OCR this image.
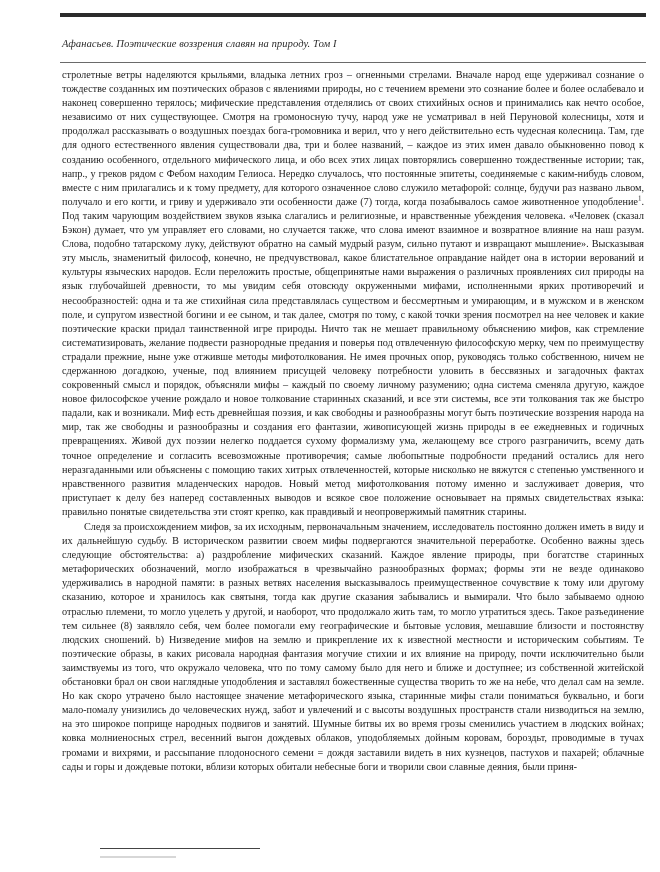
Афанасьев. Поэтические воззрения славян на природу. Том I

стролетные ветры наделяются крыльями, владыка летних гроз – огненными стрелами. Вначале народ еще удерживал сознание о тождестве созданных им поэтических образов с явлениями природы, но с течением времени это сознание более и более ослабевало и наконец совершенно терялось; мифические представления отделялись от своих стихийных основ и принимались как нечто особое, независимо от них существующее. Смотря на громоносную тучу, народ уже не усматривал в ней Перуновой колесницы, хотя и продолжал рассказывать о воздушных поездах бога-громовника и верил, что у него действительно есть чудесная колесница. Там, где для одного естественного явления существовали два, три и более названий, – каждое из этих имен давало обыкновенно повод к созданию особенного, отдельного мифического лица, и обо всех этих лицах повторялись совершенно тождественные истории; так, напр., у греков рядом с Фебом находим Гелиоса. Нередко случалось, что постоянные эпитеты, соединяемые с каким-нибудь словом, вместе с ним прилагались и к тому предмету, для которого означенное слово служило метафорой: солнце, будучи раз названо львом, получало и его когти, и гриву и удерживало эти особенности даже (7) тогда, когда позабывалось самое животненное уподобление$^1$. Под таким чарующим воздействием звуков языка слагались и религиозные, и нравственные убеждения человека. «Человек (сказал Бэкон) думает, что ум управляет его словами, но случается также, что слова имеют взаимное и возвратное влияние на наш разум. Слова, подобно татарскому луку, действуют обратно на самый мудрый разум, сильно путают и извращают мышление». Высказывая эту мысль, знаменитый философ, конечно, не предчувствовал, какое блистательное оправдание найдет она в истории верований и культуры языческих народов. Если переложить простые, общепринятые нами выражения о различных проявлениях сил природы на язык глубочайшей древности, то мы увидим себя отовсюду окруженными мифами, исполненными ярких противоречий и несообразностей: одна и та же стихийная сила представлялась существом и бессмертным и умирающим, и в мужском и в женском поле, и супругом известной богини и ее сыном, и так далее, смотря по тому, с какой точки зрения посмотрел на нее человек и какие поэтические краски придал таинственной игре природы. Ничто так не мешает правильному объяснению мифов, как стремление систематизировать, желание подвести разнородные предания и поверья под отвлеченную философскую мерку, чем по преимуществу страдали прежние, ныне уже отживше методы мифотолкования. Не имея прочных опор, руководясь только собственною, ничем не сдержанною догадкою, ученые, под влиянием присущей человеку потребности уловить в бессвязных и загадочных фактах сокровенный смысл и порядок, объясняли мифы – каждый по своему личному разумению; одна система сменяла другую, каждое новое философское учение рождало и новое толкование старинных сказаний, и все эти системы, все эти толкования так же быстро падали, как и возникали. Миф есть древнейшая поэзия, и как свободны и разнообразны могут быть поэтические воззрения народа на мир, так же свободны и разнообразны и создания его фантазии, живописующей жизнь природы в ее ежедневных и годичных превращениях. Живой дух поэзии нелегко поддается сухому формализму ума, желающему все строго разграничить, всему дать точное определение и согласить всевозможные противоречия; самые любопытные подробности преданий остались для него неразгаданными или объяснены с помощию таких хитрых отвлеченностей, которые нисколько не вяжутся с степенью умственного и нравственного развития младенческих народов. Новый метод мифотолкования потому именно и заслуживает доверия, что приступает к делу без наперед составленных выводов и всякое свое положение основывает на прямых свидетельствах языка: правильно понятые свидетельства эти стоят крепко, как правдивый и неопровержимый памятник старины.

Следя за происхождением мифов, за их исходным, первоначальным значением, исследователь постоянно должен иметь в виду и их дальнейшую судьбу. В историческом развитии своем мифы подвергаются значительной переработке. Особенно важны здесь следующие обстоятельства: а) раздробление мифических сказаний. Каждое явление природы, при богатстве старинных метафорических обозначений, могло изображаться в чрезвычайно разнообразных формах; формы эти не везде одинаково удерживались в народной памяти: в разных ветвях населения высказывалось преимущественное сочувствие к тому или другому сказанию, которое и хранилось как святыня, тогда как другие сказания забывались и вымирали. Что было забываемо одною отраслью племени, то могло уцелеть у другой, и наоборот, что продолжало жить там, то могло утратиться здесь. Такое разъединение тем сильнее (8) заявляло себя, чем более помогали ему географические и бытовые условия, мешавшие близости и постоянству людских сношений. b) Низведение мифов на землю и прикрепление их к известной местности и историческим событиям. Те поэтические образы, в каких рисовала народная фантазия могучие стихии и их влияние на природу, почти исключительно были заимствуемы из того, что окружало человека, что по тому самому было для него и ближе и доступнее; из собственной житейской обстановки брал он свои наглядные уподобления и заставлял божественные существа творить то же на небе, что делал сам на земле. Но как скоро утрачено было настоящее значение метафорического языка, старинные мифы стали пониматься буквально, и боги мало-помалу унизились до человеческих нужд, забот и увлечений и с высоты воздушных пространств стали низводиться на землю, на это широкое поприще народных подвигов и занятий. Шумные битвы их во время грозы сменились участием в людских войнах; ковка молниеносных стрел, весенний выгон дождевых облаков, уподобляемых дойным коровам, бороздьт, проводимые в тучах громами и вихрями, и рассыпание плодоносного семени = дождя заставили видеть в них кузнецов, пастухов и пахарей; облачные сады и горы и дождевые потоки, вблизи которых обитали небесные боги и творили свои славные деяния, были приня-
